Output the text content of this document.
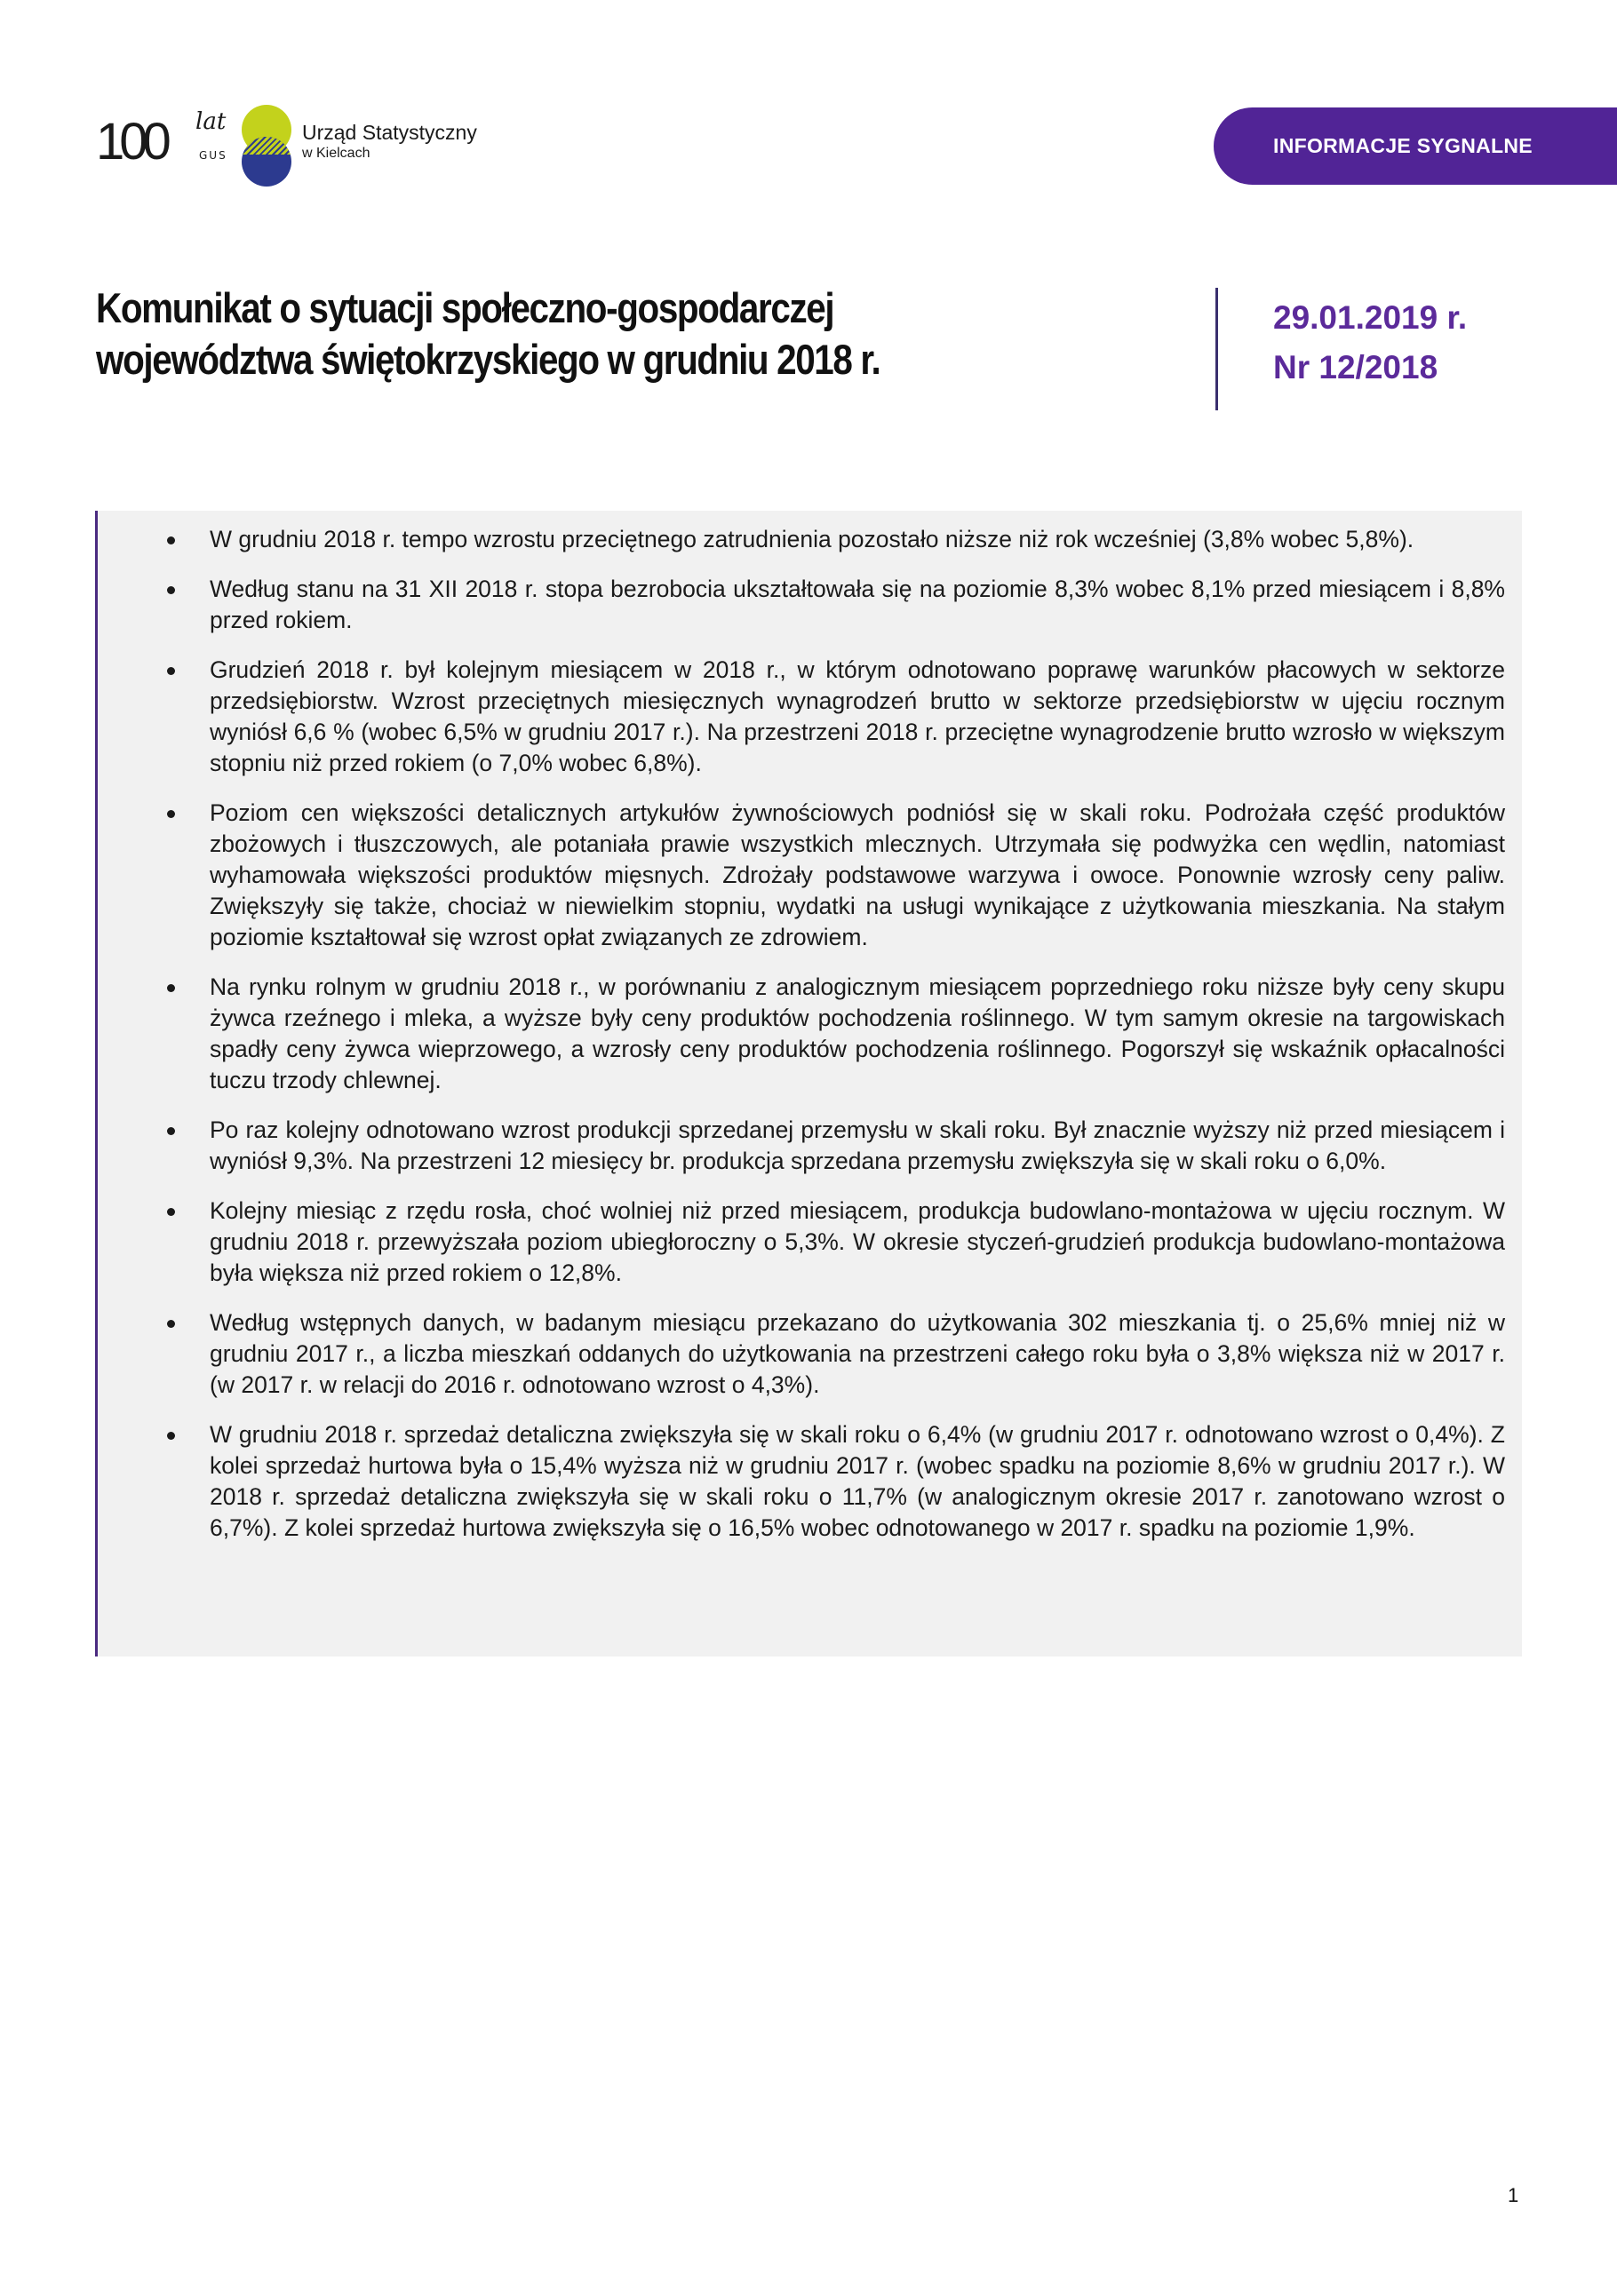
100 lat
GUS
Urząd Statystyczny
w Kielcach	INFORMACJE SYGNALNE
Komunikat o sytuacji społeczno-gospodarczej
województwa świętokrzyskiego w grudniu 2018 r.
29.01.2019 r.
Nr 12/2018
W grudniu 2018 r. tempo wzrostu przeciętnego zatrudnienia pozostało niższe niż rok wcześniej (3,8% wobec 5,8%).
Według stanu na 31 XII 2018 r. stopa bezrobocia ukształtowała się na poziomie 8,3% wobec 8,1% przed miesiącem i 8,8% przed rokiem.
Grudzień 2018 r. był kolejnym miesiącem w 2018 r., w którym odnotowano poprawę warunków płacowych w sektorze przedsiębiorstw. Wzrost przeciętnych miesięcznych wynagrodzeń brutto w sektorze przedsiębiorstw w ujęciu rocznym wyniósł 6,6 % (wobec 6,5% w grudniu 2017 r.). Na przestrzeni 2018 r. przeciętne wynagrodzenie brutto wzrosło w większym stopniu niż przed rokiem (o 7,0% wobec 6,8%).
Poziom cen większości detalicznych artykułów żywnościowych podniósł się w skali roku. Podrożała część produktów zbożowych i tłuszczowych, ale potaniała prawie wszystkich mlecznych. Utrzymała się podwyżka cen wędlin, natomiast wyhamowała większości produktów mięsnych. Zdrożały podstawowe warzywa i owoce. Ponownie wzrosły ceny paliw. Zwiększyły się także, chociaż w niewielkim stopniu, wydatki na usługi wynikające z użytkowania mieszkania. Na stałym poziomie kształtował się wzrost opłat związanych ze zdrowiem.
Na rynku rolnym w grudniu 2018 r., w porównaniu z analogicznym miesiącem poprzedniego roku niższe były ceny skupu żywca rzeźnego i mleka, a wyższe były ceny produktów pochodzenia roślinnego. W tym samym okresie na targowiskach spadły ceny żywca wieprzowego, a wzrosły ceny produktów pochodzenia roślinnego. Pogorszył się wskaźnik opłacalności tuczu trzody chlewnej.
Po raz kolejny odnotowano wzrost produkcji sprzedanej przemysłu w skali roku. Był znacznie wyższy niż przed miesiącem i wyniósł 9,3%. Na przestrzeni 12 miesięcy br. produkcja sprzedana przemysłu zwiększyła się w skali roku o 6,0%.
Kolejny miesiąc z rzędu rosła, choć wolniej niż przed miesiącem, produkcja budowlano-montażowa w ujęciu rocznym. W grudniu 2018 r. przewyższała poziom ubiegłoroczny o 5,3%. W okresie styczeń-grudzień produkcja budowlano-montażowa była większa niż przed rokiem o 12,8%.
Według wstępnych danych, w badanym miesiącu przekazano do użytkowania 302 mieszkania tj. o 25,6% mniej niż w grudniu 2017 r., a liczba mieszkań oddanych do użytkowania na przestrzeni całego roku była o 3,8% większa niż w 2017 r. (w 2017 r. w relacji do 2016 r. odnotowano wzrost o 4,3%).
W grudniu 2018 r. sprzedaż detaliczna zwiększyła się w skali roku o 6,4% (w grudniu 2017 r. odnotowano wzrost o 0,4%). Z kolei sprzedaż hurtowa była o 15,4% wyższa niż w grudniu 2017 r. (wobec spadku na poziomie 8,6% w grudniu 2017 r.). W 2018 r. sprzedaż detaliczna zwiększyła się w skali roku o 11,7% (w analogicznym okresie 2017 r. zanotowano wzrost o 6,7%). Z kolei sprzedaż hurtowa zwiększyła się o 16,5% wobec odnotowanego w 2017 r. spadku na poziomie 1,9%.
1
